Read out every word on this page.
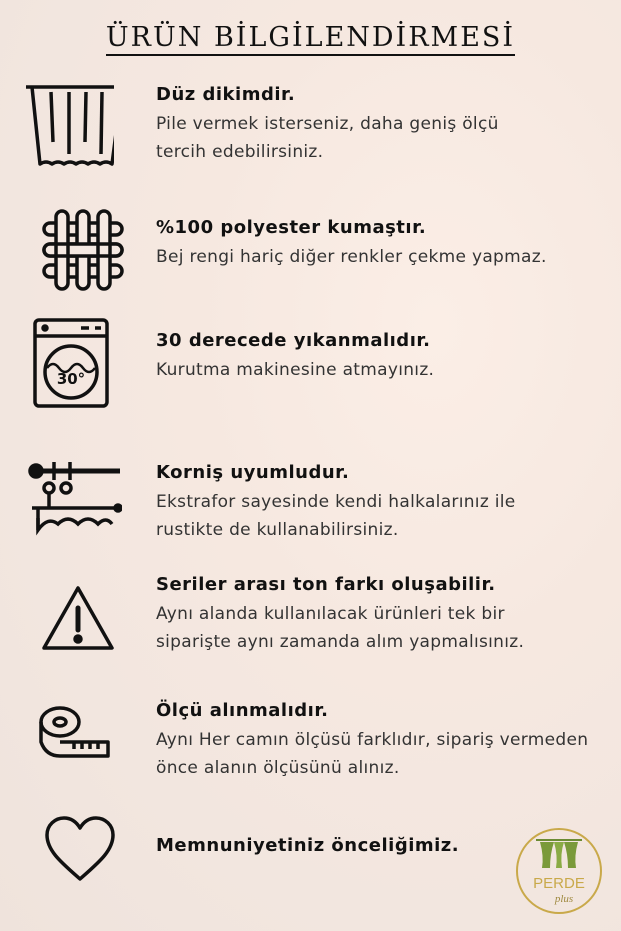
ÜRÜN BİLGİLENDİRMESİ
Düz dikimdir.
Pile vermek isterseniz, daha geniş ölçü
tercih edebilirsiniz.
%100 polyester kumaştır.
Bej rengi hariç diğer renkler çekme yapmaz.
30°
30 derecede yıkanmalıdır.
Kurutma makinesine atmayınız.
Korniş uyumludur.
Ekstrafor sayesinde kendi halkalarınız ile
rustikte de kullanabilirsiniz.
Seriler arası ton farkı oluşabilir.
Aynı alanda kullanılacak ürünleri tek bir
siparişte aynı zamanda alım yapmalısınız.
Ölçü alınmalıdır.
Aynı Her camın ölçüsü farklıdır, sipariş vermeden
önce alanın ölçüsünü alınız.
Memnuniyetiniz önceliğimiz.
PERDE
plus
